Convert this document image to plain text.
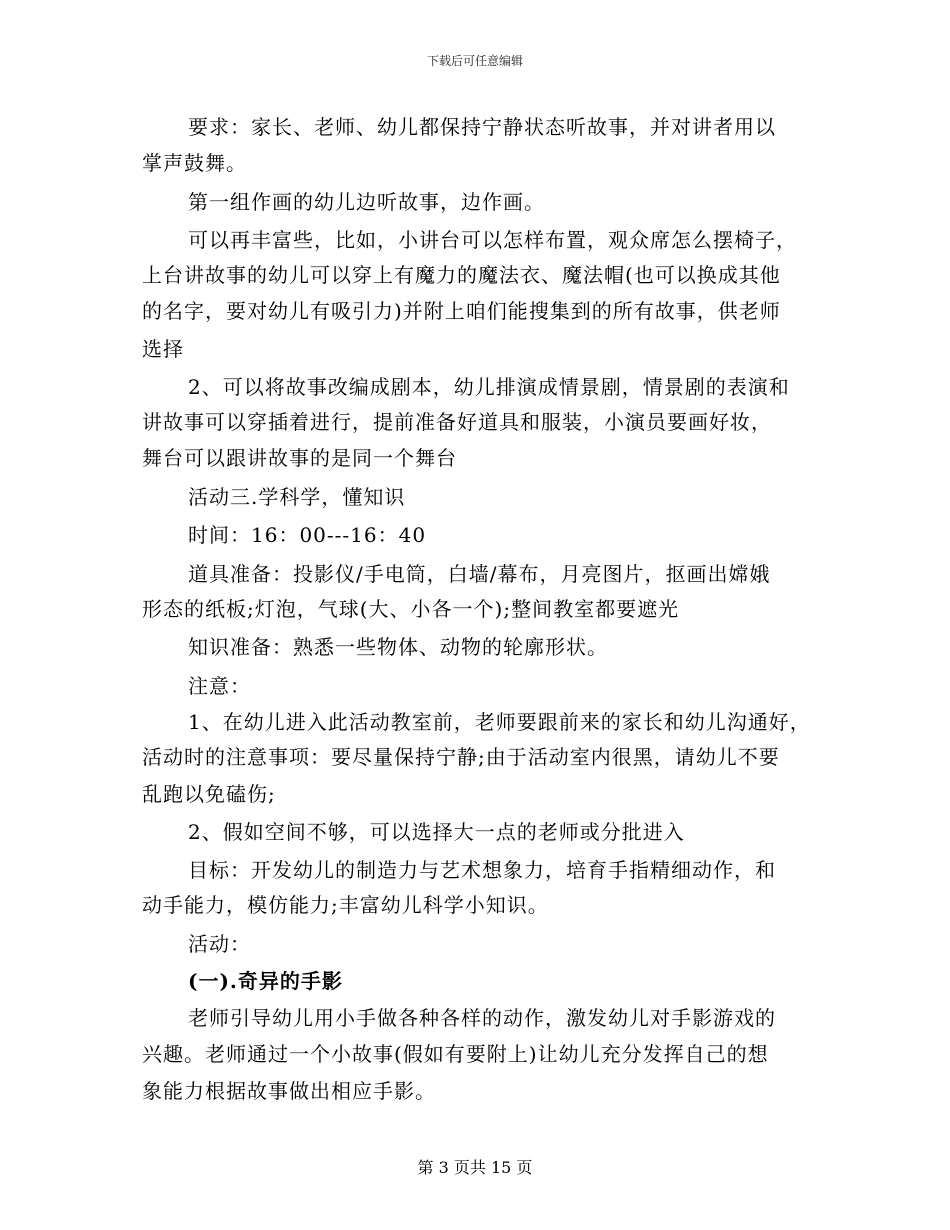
下载后可任意编辑
要求：家长、老师、幼儿都保持宁静状态听故事，并对讲者用以
掌声鼓舞。
第一组作画的幼儿边听故事，边作画。
可以再丰富些，比如，小讲台可以怎样布置，观众席怎么摆椅子，
上台讲故事的幼儿可以穿上有魔力的魔法衣、魔法帽(也可以换成其他
的名字，要对幼儿有吸引力)并附上咱们能搜集到的所有故事，供老师
选择
2、可以将故事改编成剧本，幼儿排演成情景剧，情景剧的表演和
讲故事可以穿插着进行，提前准备好道具和服装，小演员要画好妆，
舞台可以跟讲故事的是同一个舞台
活动三.学科学，懂知识
时间：16：00---16：40
道具准备：投影仪/手电筒，白墙/幕布，月亮图片，抠画出嫦娥
形态的纸板;灯泡，气球(大、小各一个);整间教室都要遮光
知识准备：熟悉一些物体、动物的轮廓形状。
注意：
1、在幼儿进入此活动教室前，老师要跟前来的家长和幼儿沟通好，
活动时的注意事项：要尽量保持宁静;由于活动室内很黑，请幼儿不要
乱跑以免磕伤;
2、假如空间不够，可以选择大一点的老师或分批进入
目标：开发幼儿的制造力与艺术想象力，培育手指精细动作，和
动手能力，模仿能力;丰富幼儿科学小知识。
活动：
(一).奇异的手影
老师引导幼儿用小手做各种各样的动作，激发幼儿对手影游戏的
兴趣。老师通过一个小故事(假如有要附上)让幼儿充分发挥自己的想
象能力根据故事做出相应手影。
第 3 页共 15 页
